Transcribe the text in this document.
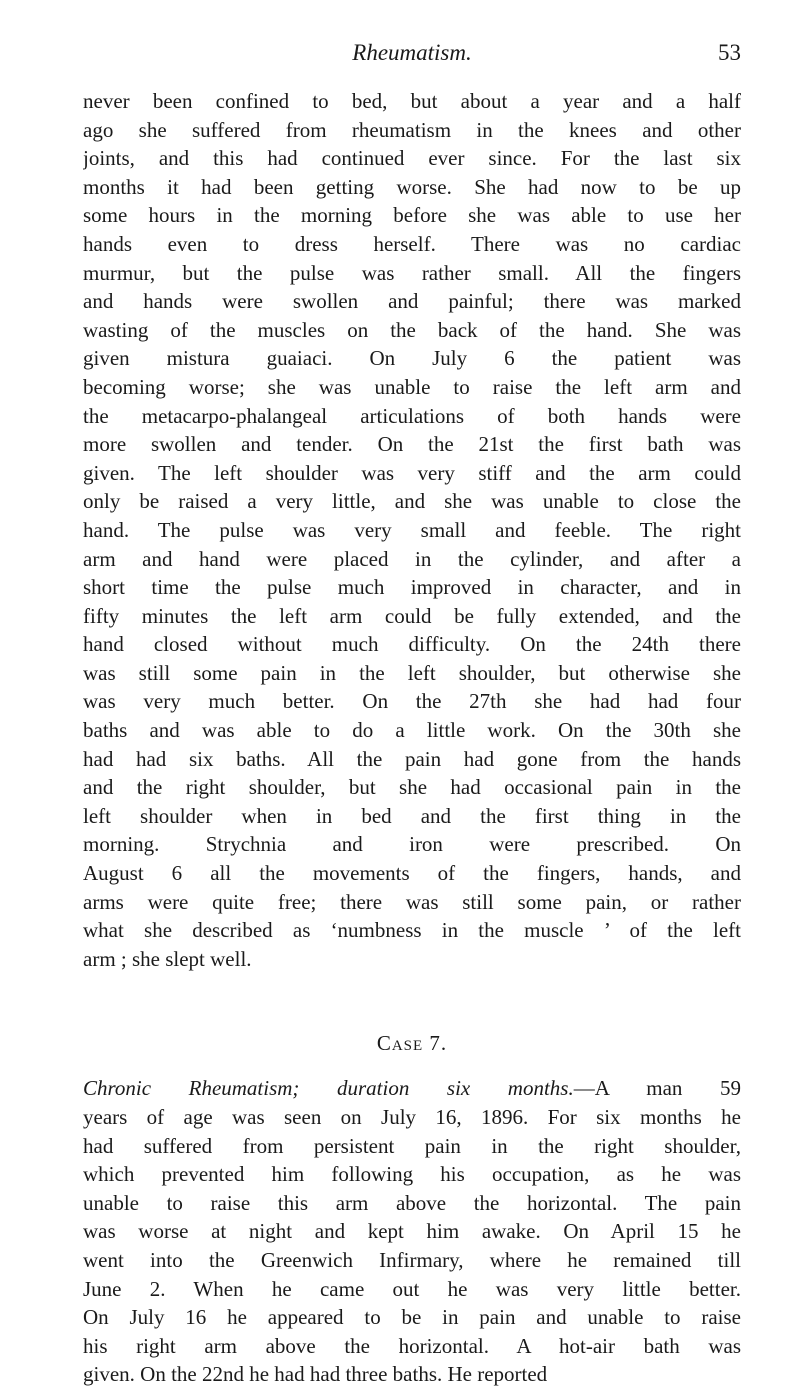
Rheumatism.	53

never been confined to bed, but about a year and a half
ago she suffered from rheumatism in the knees and other
joints, and this had continued ever since. For the last six
months it had been getting worse. She had now to be up
some hours in the morning before she was able to use her
hands even to dress herself. There was no cardiac
murmur, but the pulse was rather small. All the fingers
and hands were swollen and painful; there was marked
wasting of the muscles on the back of the hand. She was
given mistura guaiaci. On July 6 the patient was
becoming worse; she was unable to raise the left arm and
the metacarpo-phalangeal articulations of both hands were
more swollen and tender. On the 21st the first bath was
given. The left shoulder was very stiff and the arm could
only be raised a very little, and she was unable to close the
hand. The pulse was very small and feeble. The right
arm and hand were placed in the cylinder, and after a
short time the pulse much improved in character, and in
fifty minutes the left arm could be fully extended, and the
hand closed without much difficulty. On the 24th there
was still some pain in the left shoulder, but otherwise she
was very much better. On the 27th she had had four
baths and was able to do a little work. On the 30th she
had had six baths. All the pain had gone from the hands
and the right shoulder, but she had occasional pain in the
left shoulder when in bed and the first thing in the
morning. Strychnia and iron were prescribed. On
August 6 all the movements of the fingers, hands, and
arms were quite free; there was still some pain, or rather
what she described as ‘numbness in the muscle ’ of the left
arm ; she slept well.

Case 7.

Chronic Rheumatism; duration six months.—A man 59
years of age was seen on July 16, 1896. For six months he
had suffered from persistent pain in the right shoulder,
which prevented him following his occupation, as he was
unable to raise this arm above the horizontal. The pain
was worse at night and kept him awake. On April 15 he
went into the Greenwich Infirmary, where he remained till
June 2. When he came out he was very little better.
On July 16 he appeared to be in pain and unable to raise
his right arm above the horizontal. A hot-air bath was
given. On the 22nd he had had three baths. He reported
